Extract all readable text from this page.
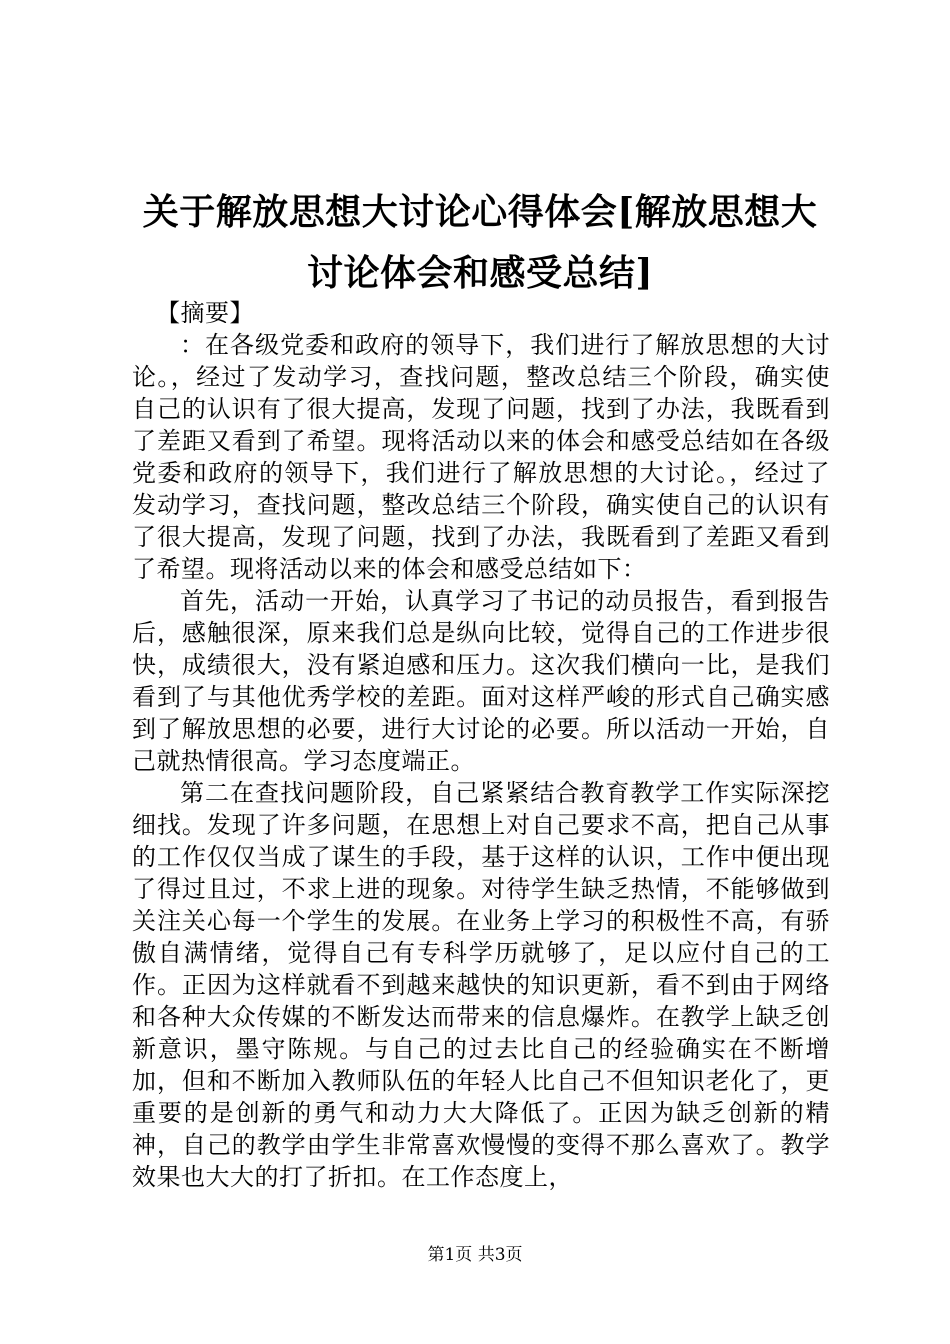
关于解放思想大讨论心得体会[解放思想大讨论体会和感受总结]

【摘要】

：在各级党委和政府的领导下，我们进行了解放思想的大讨论。，经过了发动学习，查找问题，整改总结三个阶段，确实使自己的认识有了很大提高，发现了问题，找到了办法，我既看到了差距又看到了希望。现将活动以来的体会和感受总结如在各级党委和政府的领导下，我们进行了解放思想的大讨论。，经过了发动学习，查找问题，整改总结三个阶段，确实使自己的认识有了很大提高，发现了问题，找到了办法，我既看到了差距又看到了希望。现将活动以来的体会和感受总结如下：

首先，活动一开始，认真学习了书记的动员报告，看到报告后，感触很深，原来我们总是纵向比较，觉得自己的工作进步很快，成绩很大，没有紧迫感和压力。这次我们横向一比，是我们看到了与其他优秀学校的差距。面对这样严峻的形式自己确实感到了解放思想的必要，进行大讨论的必要。所以活动一开始，自己就热情很高。学习态度端正。

第二在查找问题阶段，自己紧紧结合教育教学工作实际深挖细找。发现了许多问题，在思想上对自己要求不高，把自己从事的工作仅仅当成了谋生的手段，基于这样的认识，工作中便出现了得过且过，不求上进的现象。对待学生缺乏热情，不能够做到关注关心每一个学生的发展。在业务上学习的积极性不高，有骄傲自满情绪，觉得自己有专科学历就够了，足以应付自己的工作。正因为这样就看不到越来越快的知识更新，看不到由于网络和各种大众传媒的不断发达而带来的信息爆炸。在教学上缺乏创新意识，墨守陈规。与自己的过去比自己的经验确实在不断增加，但和不断加入教师队伍的年轻人比自己不但知识老化了，更重要的是创新的勇气和动力大大降低了。正因为缺乏创新的精神，自己的教学由学生非常喜欢慢慢的变得不那么喜欢了。教学效果也大大的打了折扣。在工作态度上，

第1页 共3页
